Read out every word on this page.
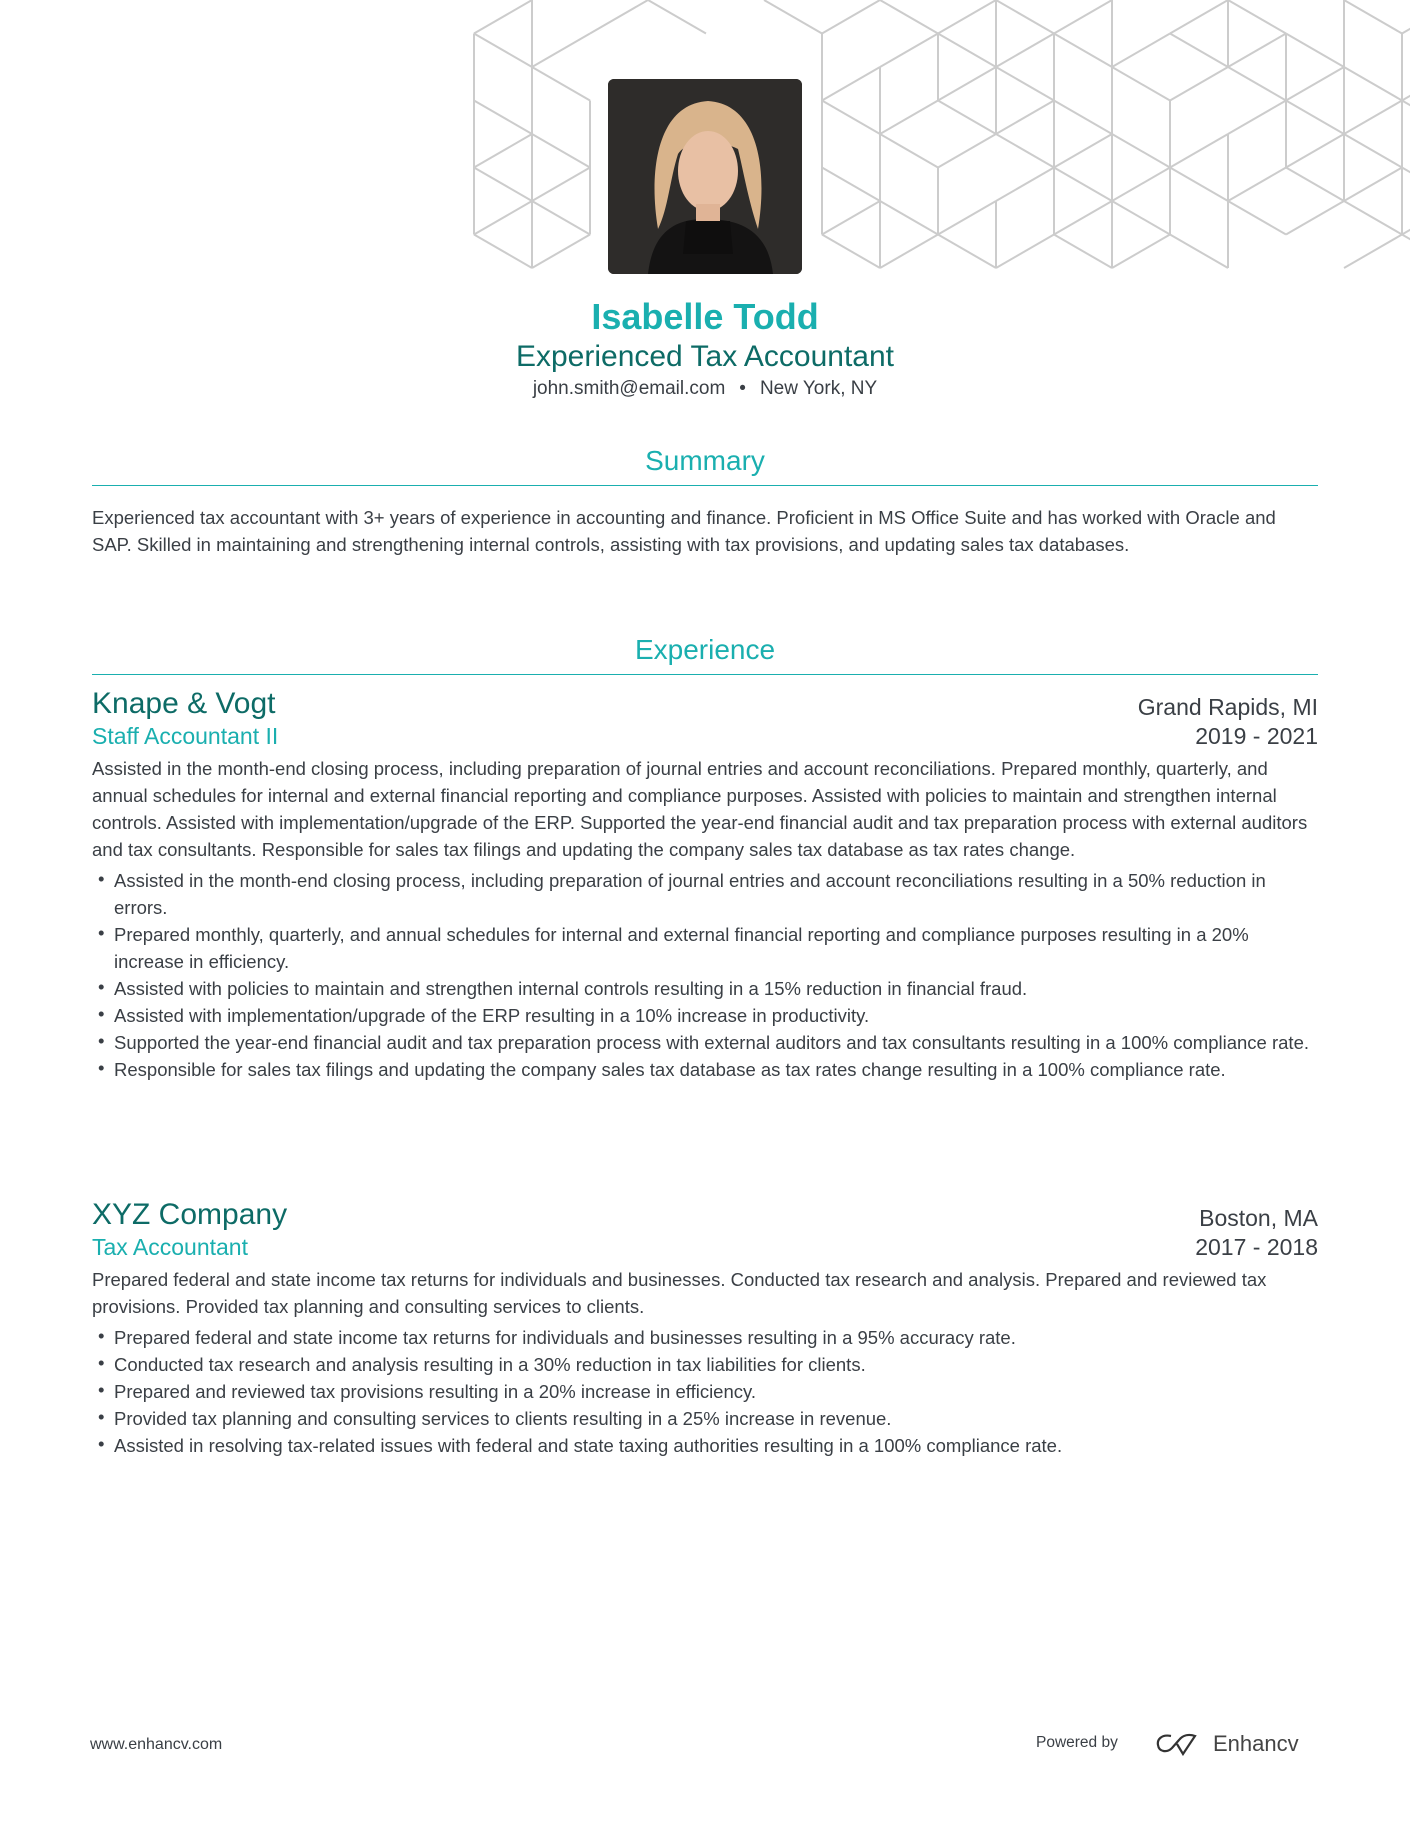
Isabelle Todd
Experienced Tax Accountant
john.smith@email.com • New York, NY
Summary
Experienced tax accountant with 3+ years of experience in accounting and finance. Proficient in MS Office Suite and has worked with Oracle and SAP. Skilled in maintaining and strengthening internal controls, assisting with tax provisions, and updating sales tax databases.
Experience
Grand Rapids, MI
Knape & Vogt
2019 - 2021
Staff Accountant II
Assisted in the month-end closing process, including preparation of journal entries and account reconciliations. Prepared monthly, quarterly, and annual schedules for internal and external financial reporting and compliance purposes. Assisted with policies to maintain and strengthen internal controls. Assisted with implementation/upgrade of the ERP. Supported the year-end financial audit and tax preparation process with external auditors and tax consultants. Responsible for sales tax filings and updating the company sales tax database as tax rates change.
• Assisted in the month-end closing process, including preparation of journal entries and account reconciliations resulting in a 50% reduction in errors.
• Prepared monthly, quarterly, and annual schedules for internal and external financial reporting and compliance purposes resulting in a 20% increase in efficiency.
• Assisted with policies to maintain and strengthen internal controls resulting in a 15% reduction in financial fraud.
• Assisted with implementation/upgrade of the ERP resulting in a 10% increase in productivity.
• Supported the year-end financial audit and tax preparation process with external auditors and tax consultants resulting in a 100% compliance rate.
• Responsible for sales tax filings and updating the company sales tax database as tax rates change resulting in a 100% compliance rate.
Boston, MA
XYZ Company
2017 - 2018
Tax Accountant
Prepared federal and state income tax returns for individuals and businesses. Conducted tax research and analysis. Prepared and reviewed tax provisions. Provided tax planning and consulting services to clients.
• Prepared federal and state income tax returns for individuals and businesses resulting in a 95% accuracy rate.
• Conducted tax research and analysis resulting in a 30% reduction in tax liabilities for clients.
• Prepared and reviewed tax provisions resulting in a 20% increase in efficiency.
• Provided tax planning and consulting services to clients resulting in a 25% increase in revenue.
• Assisted in resolving tax-related issues with federal and state taxing authorities resulting in a 100% compliance rate.
www.enhancv.com	Powered by	Enhancv
